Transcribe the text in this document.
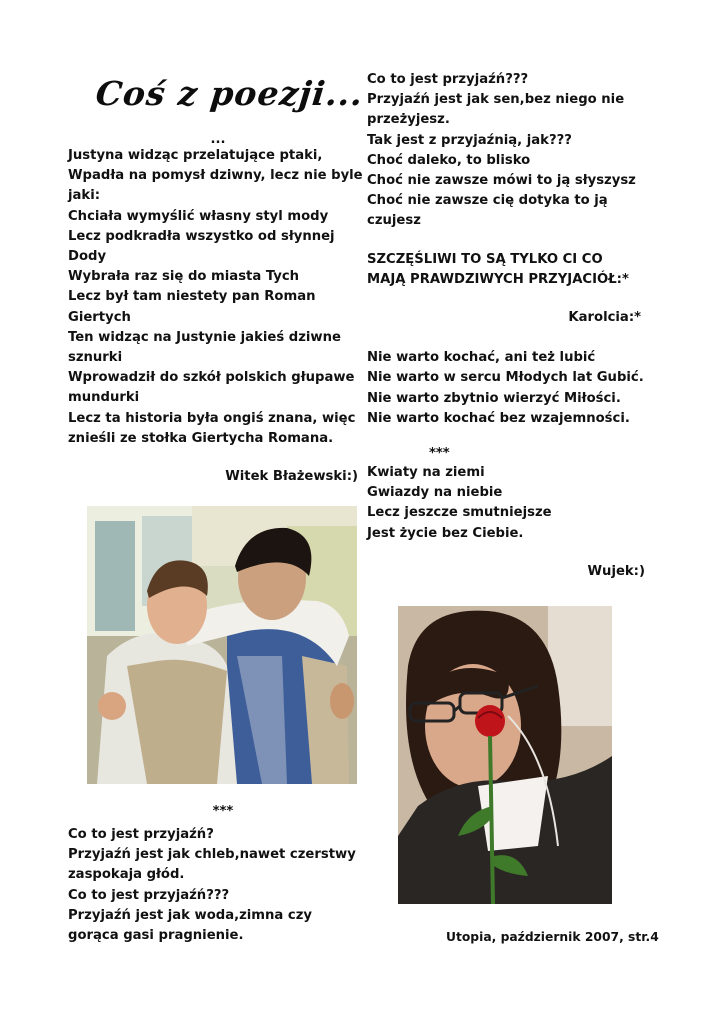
Coś z poezji...
...
Justyna widząc przelatujące ptaki,
Wpadła na pomysł dziwny, lecz nie byle
jaki:
Chciała wymyślić własny styl mody
Lecz podkradła wszystko od słynnej
Dody
Wybrała raz się do miasta Tych
Lecz był tam niestety pan Roman
Giertych
Ten widząc na Justynie jakieś dziwne
sznurki
Wprowadził do szkół polskich głupawe
mundurki
Lecz ta historia była ongiś znana, więc
znieśli ze stołka Giertycha Romana.
Witek Błażewski:)
***
Co to jest przyjaźń?
Przyjaźń jest jak chleb,nawet czerstwy
zaspokaja głód.
Co to jest przyjaźń???
Przyjaźń jest jak woda,zimna czy
gorąca gasi pragnienie.
Co to jest przyjaźń???
Przyjaźń jest jak sen,bez niego nie
przeżyjesz.
Tak jest z przyjaźnią, jak???
Choć daleko, to blisko
Choć nie zawsze mówi to ją słyszysz
Choć nie zawsze cię dotyka to ją
czujesz
SZCZĘŚLIWI TO SĄ TYLKO CI CO
MAJĄ PRAWDZIWYCH PRZYJACIÓŁ:*
Karolcia:*
Nie warto kochać, ani też lubić
Nie warto w sercu Młodych lat Gubić.
Nie warto zbytnio wierzyć Miłości.
Nie warto kochać bez wzajemności.
***
Kwiaty na ziemi
Gwiazdy na niebie
Lecz jeszcze smutniejsze
Jest życie bez Ciebie.
Wujek:)
Utopia, październik 2007, str.4
